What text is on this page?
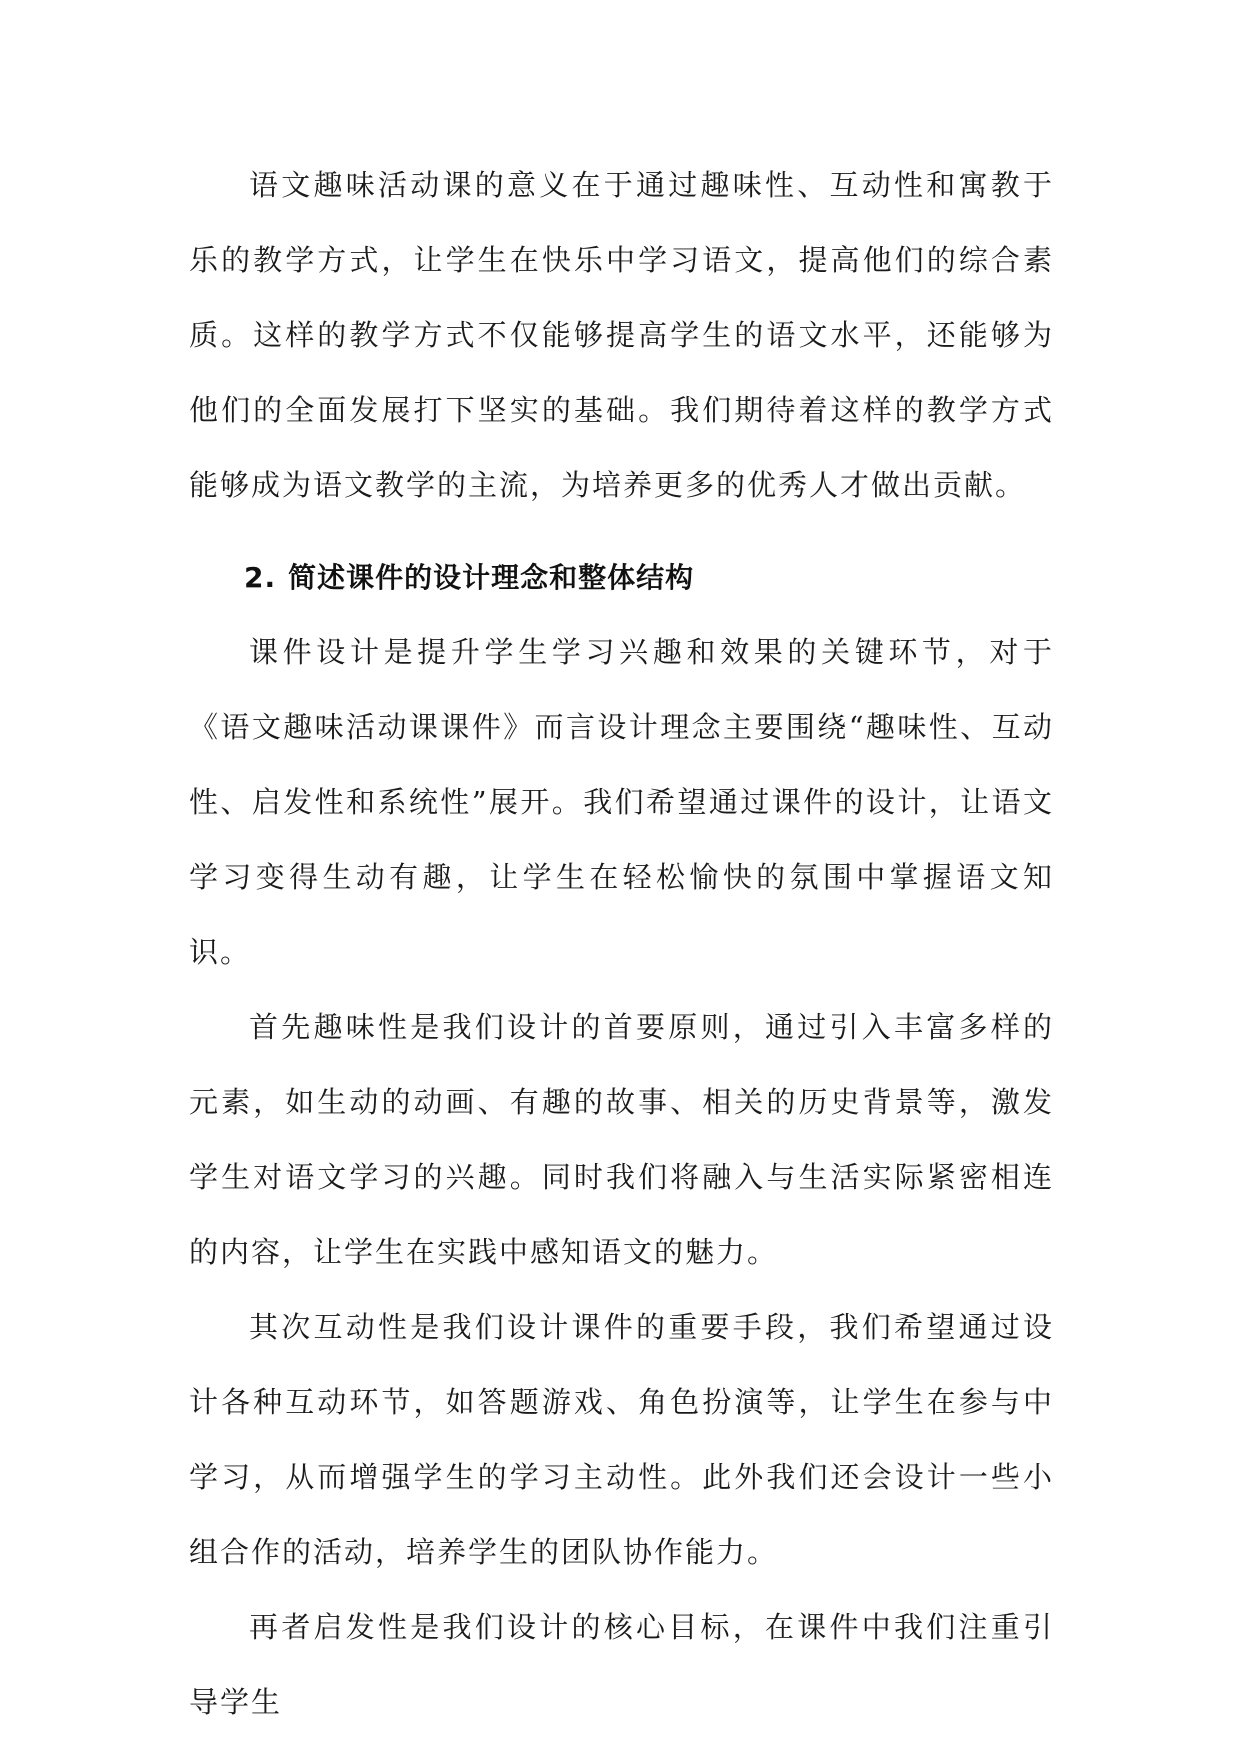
语文趣味活动课的意义在于通过趣味性、互动性和寓教于乐的教学方式，让学生在快乐中学习语文，提高他们的综合素质。这样的教学方式不仅能够提高学生的语文水平，还能够为他们的全面发展打下坚实的基础。我们期待着这样的教学方式能够成为语文教学的主流，为培养更多的优秀人才做出贡献。

2. 简述课件的设计理念和整体结构

课件设计是提升学生学习兴趣和效果的关键环节，对于《语文趣味活动课课件》而言设计理念主要围绕“趣味性、互动性、启发性和系统性”展开。我们希望通过课件的设计，让语文学习变得生动有趣，让学生在轻松愉快的氛围中掌握语文知识。

首先趣味性是我们设计的首要原则，通过引入丰富多样的元素，如生动的动画、有趣的故事、相关的历史背景等，激发学生对语文学习的兴趣。同时我们将融入与生活实际紧密相连的内容，让学生在实践中感知语文的魅力。

其次互动性是我们设计课件的重要手段，我们希望通过设计各种互动环节，如答题游戏、角色扮演等，让学生在参与中学习，从而增强学生的学习主动性。此外我们还会设计一些小组合作的活动，培养学生的团队协作能力。

再者启发性是我们设计的核心目标，在课件中我们注重引导学生
